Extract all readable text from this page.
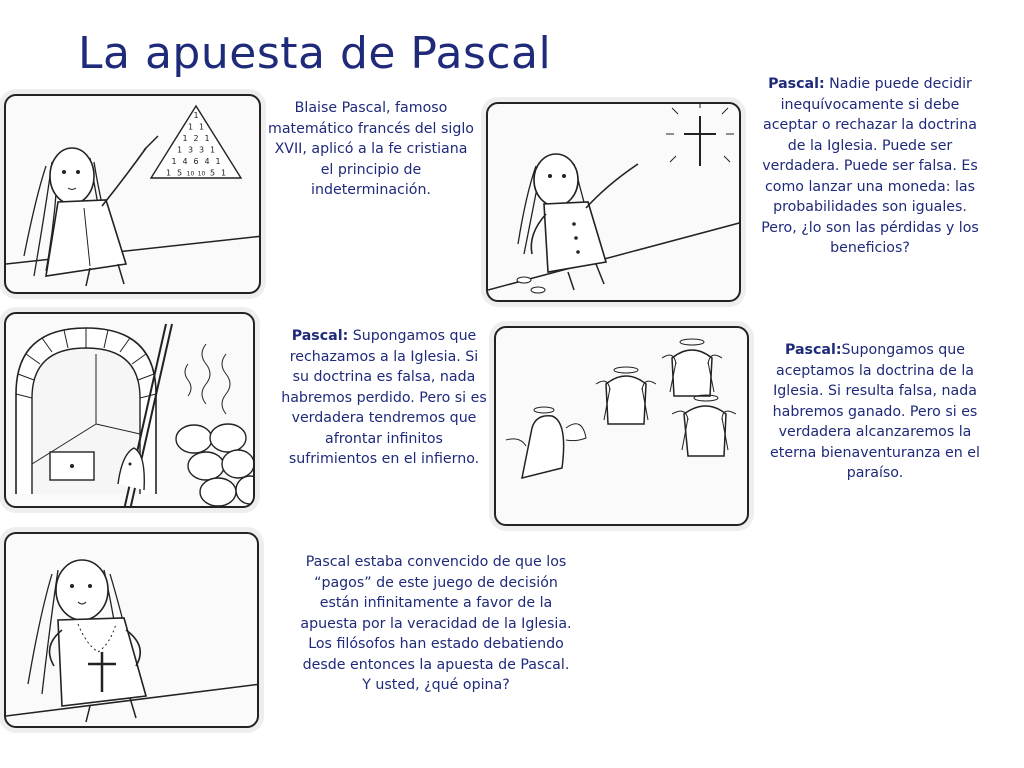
La apuesta de Pascal
1
1 1
1 2 1
1 3 3 1
1 4 6 4 1
1 5 10 10 5 1
Blaise Pascal, famoso matemático francés del siglo XVII, aplicó a la fe cristiana el principio de indeterminación.
Pascal: Nadie puede decidir inequívocamente si debe aceptar o rechazar la doctrina de la Iglesia. Puede ser verdadera. Puede ser falsa. Es como lanzar una moneda: las probabilidades son iguales. Pero, ¿lo son las pérdidas y los beneficios?
Pascal: Supongamos que rechazamos a la Iglesia. Si su doctrina es falsa, nada habremos perdido. Pero si es verdadera tendremos que afrontar infinitos sufrimientos en el infierno.
Pascal:Supongamos que aceptamos la doctrina de la Iglesia. Si resulta falsa, nada habremos ganado. Pero si es verdadera alcanzaremos la eterna bienaventuranza en el paraíso.
Pascal estaba convencido de que los “pagos” de este juego de decisión están infinitamente a favor de la apuesta por la veracidad de la Iglesia. Los filósofos han estado debatiendo desde entonces la apuesta de Pascal. Y usted, ¿qué opina?
